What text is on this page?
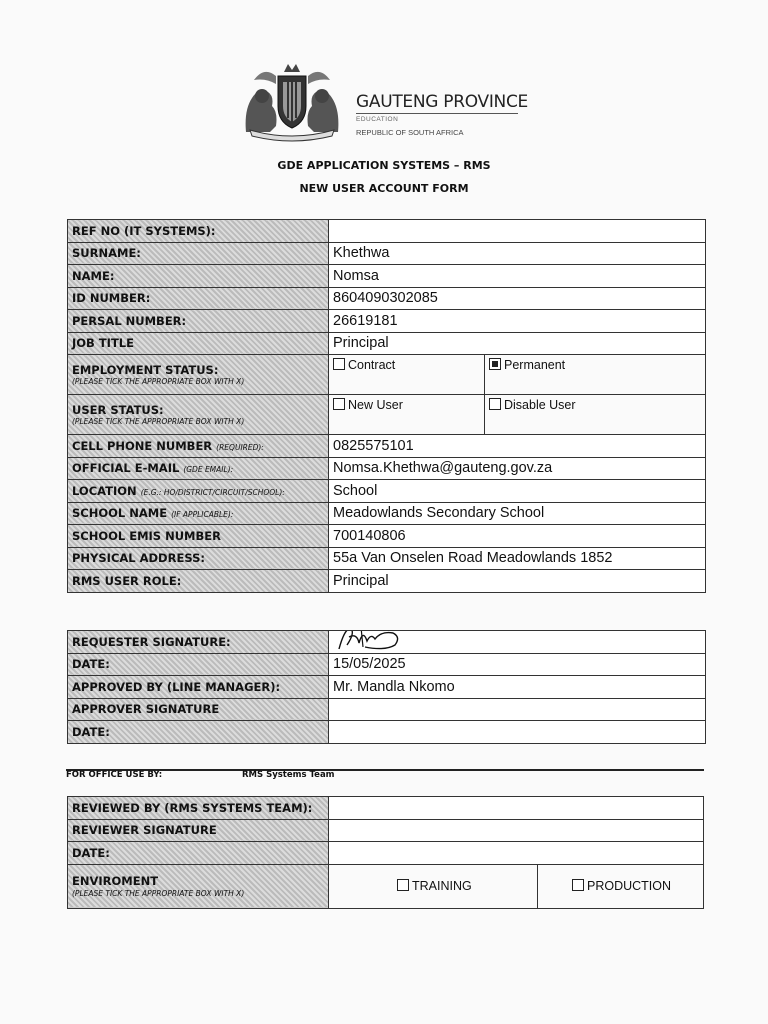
GAUTENG PROVINCE
EDUCATION
REPUBLIC OF SOUTH AFRICA
GDE APPLICATION SYSTEMS – RMS
NEW USER ACCOUNT FORM
REF NO (IT SYSTEMS):		
SURNAME:	Khethwa	
NAME:	Nomsa	
ID NUMBER:	8604090302085	
PERSAL NUMBER:	26619181	
JOB TITLE	Principal	

EMPLOYMENT STATUS:
(PLEASE TICK THE APPROPRIATE BOX WITH X)	Contract	Permanent

USER STATUS:
(PLEASE TICK THE APPROPRIATE BOX WITH X)	New User	Disable User
CELL PHONE NUMBER (REQUIRED):	0825575101	
OFFICIAL E-MAIL (GDE EMAIL):	Nomsa.Khethwa@gauteng.gov.za	
LOCATION (E.G.: HO/DISTRICT/CIRCUIT/SCHOOL):	School	
SCHOOL NAME (IF APPLICABLE):	Meadowlands Secondary School	
SCHOOL EMIS NUMBER	700140806	
PHYSICAL ADDRESS:	55a Van Onselen Road Meadowlands 1852	
RMS USER ROLE:	Principal	
REQUESTER SIGNATURE:	

DATE:	15/05/2025
APPROVED BY (LINE MANAGER):	Mr. Mandla Nkomo
APPROVER SIGNATURE	
DATE:	
FOR OFFICE USE BY:	RMS Systems Team
REVIEWED BY (RMS SYSTEMS TEAM):		
REVIEWER SIGNATURE		
DATE:		

ENVIROMENT
(PLEASE TICK THE APPROPRIATE BOX WITH X)	TRAINING	PRODUCTION
